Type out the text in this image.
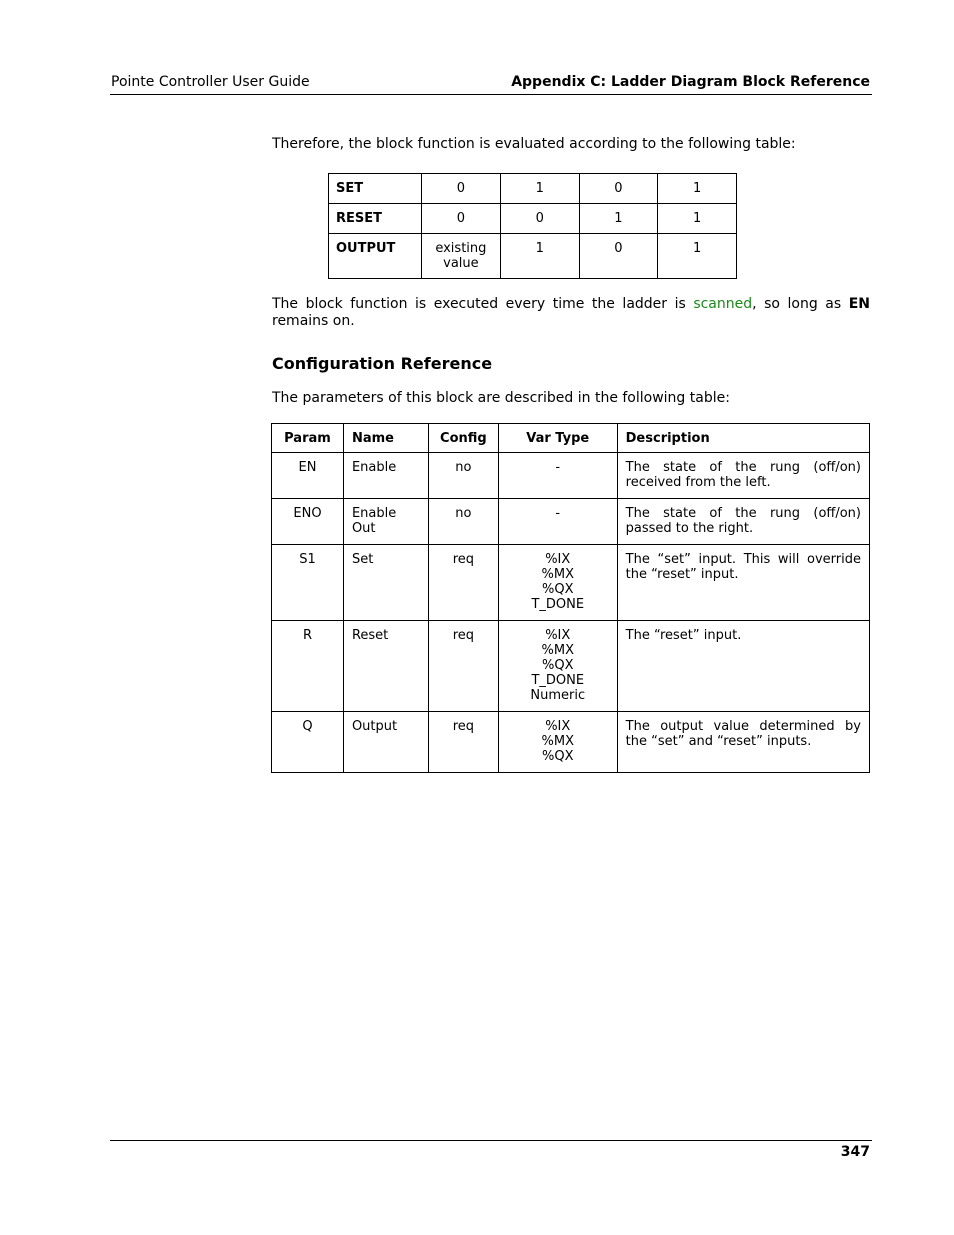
Pointe Controller User Guide	Appendix C: Ladder Diagram Block Reference

Therefore, the block function is evaluated according to the following table:

SET	0	1	0	1
RESET	0	0	1	1
OUTPUT	existing value	1	0	1

The block function is executed every time the ladder is scanned, so long as EN remains on.

Configuration Reference

The parameters of this block are described in the following table:

Param	Name	Config	Var Type	Description
EN	Enable	no	-	The state of the rung (off/on) received from the left.
ENO	Enable Out	no	-	The state of the rung (off/on) passed to the right.
S1	Set	req	%IX
%MX
%QX
T_DONE	The “set” input. This will override the “reset” input.
R	Reset	req	%IX
%MX
%QX
T_DONE
Numeric	The “reset” input.
Q	Output	req	%IX
%MX
%QX	The output value determined by the “set” and “reset” inputs.
347
